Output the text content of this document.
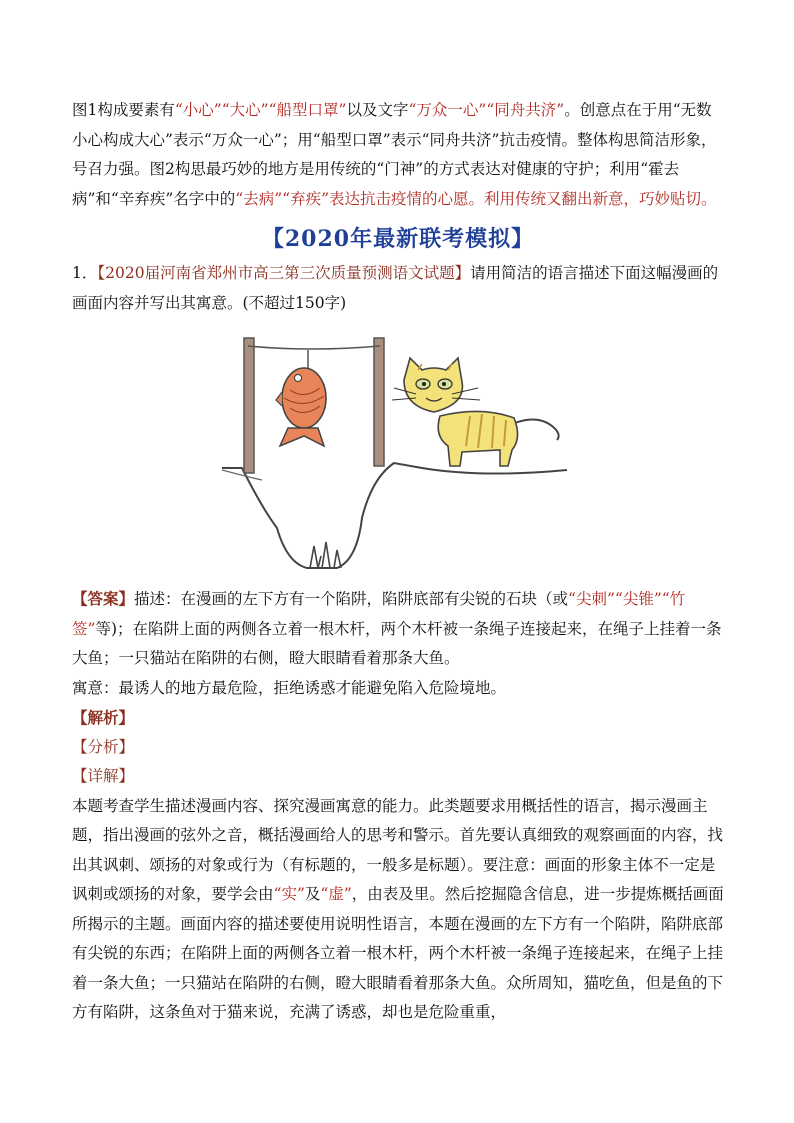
图1构成要素有“小心”“大心”“船型口罩”以及文字“万众一心”“同舟共济”。创意点在于用“无数小心构成大心”表示“万众一心”；用“船型口罩”表示“同舟共济”抗击疫情。整体构思简洁形象，号召力强。图2构思最巧妙的地方是用传统的“门神”的方式表达对健康的守护；利用“霍去病”和“辛弃疾”名字中的“去病”“弃疾”表达抗击疫情的心愿。利用传统又翻出新意，巧妙贴切。

【2020年最新联考模拟】

1．【2020届河南省郑州市高三第三次质量预测语文试题】请用简洁的语言描述下面这幅漫画的画面内容并写出其寓意。(不超过150字)

【答案】描述：在漫画的左下方有一个陷阱，陷阱底部有尖锐的石块（或“尖刺”“尖锥”“竹签”等)；在陷阱上面的两侧各立着一根木杆，两个木杆被一条绳子连接起来，在绳子上挂着一条大鱼；一只猫站在陷阱的右侧，瞪大眼睛看着那条大鱼。

寓意：最诱人的地方最危险，拒绝诱惑才能避免陷入危险境地。

【解析】

【分析】

【详解】

本题考查学生描述漫画内容、探究漫画寓意的能力。此类题要求用概括性的语言，揭示漫画主题，指出漫画的弦外之音，概括漫画给人的思考和警示。首先要认真细致的观察画面的内容，找出其讽刺、颂扬的对象或行为（有标题的，一般多是标题）。要注意：画面的形象主体不一定是讽刺或颂扬的对象，要学会由“实”及“虚”，由表及里。然后挖掘隐含信息，进一步提炼概括画面所揭示的主题。画面内容的描述要使用说明性语言，本题在漫画的左下方有一个陷阱，陷阱底部有尖锐的东西；在陷阱上面的两侧各立着一根木杆，两个木杆被一条绳子连接起来，在绳子上挂着一条大鱼；一只猫站在陷阱的右侧，瞪大眼睛看着那条大鱼。众所周知，猫吃鱼，但是鱼的下方有陷阱，这条鱼对于猫来说，充满了诱惑，却也是危险重重，
